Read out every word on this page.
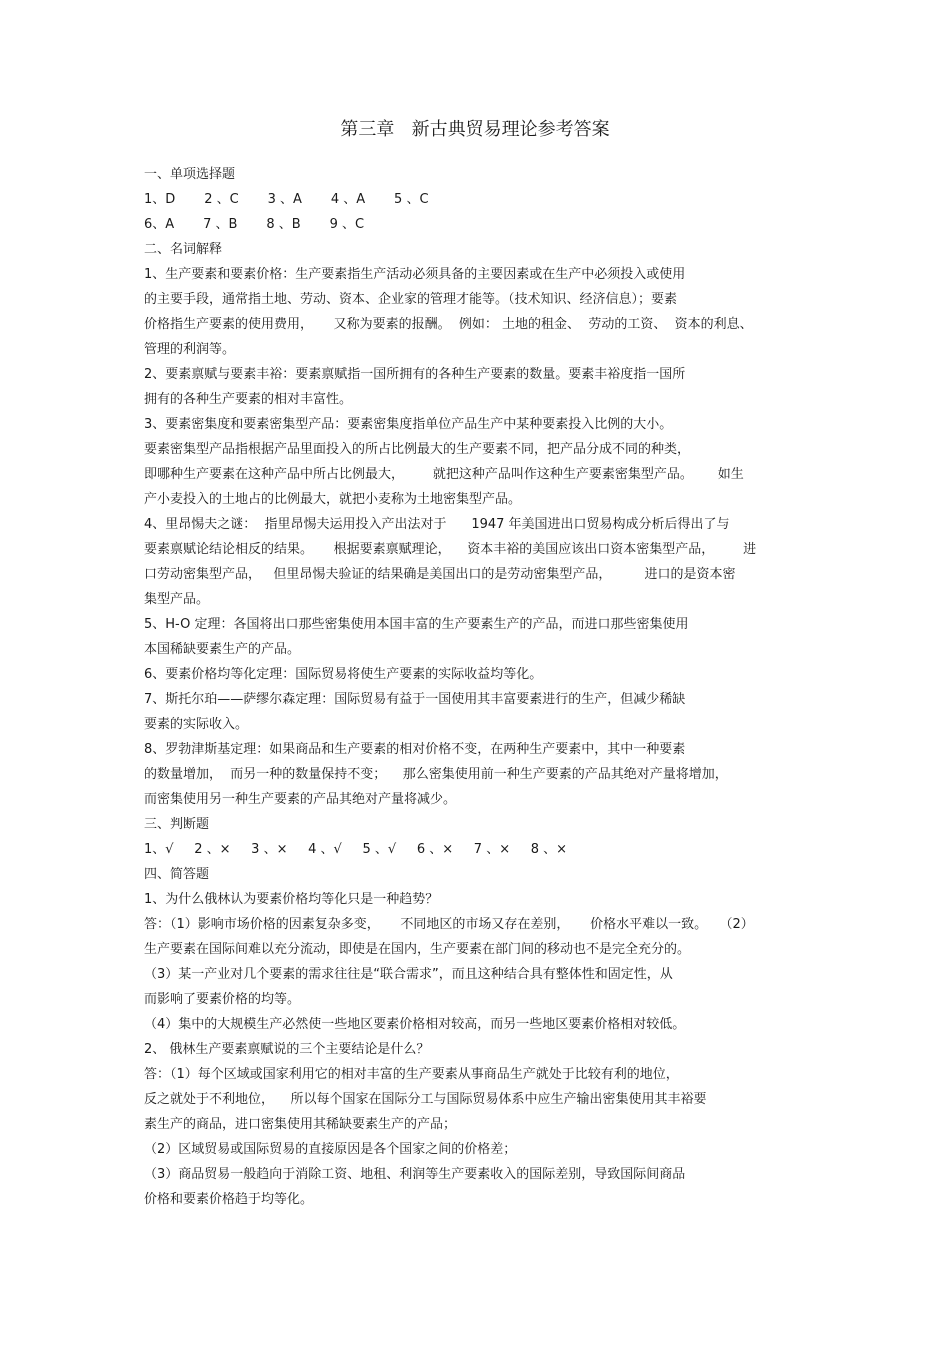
第三章   新古典贸易理论参考答案
一、单项选择题
1、D       2 、C       3 、A       4 、A       5 、C
6、A       7 、B       8 、B       9 、C
二、名词解释
1、生产要素和要素价格：生产要素指生产活动必须具备的主要因素或在生产中必须投入或使用
的主要手段，通常指土地、劳动、资本、企业家的管理才能等。（技术知识、经济信息）；要素
价格指生产要素的使用费用，     又称为要素的报酬。  例如： 土地的租金、  劳动的工资、  资本的利息、
管理的利润等。
2、要素禀赋与要素丰裕：要素禀赋指一国所拥有的各种生产要素的数量。要素丰裕度指一国所
拥有的各种生产要素的相对丰富性。
3、要素密集度和要素密集型产品：要素密集度指单位产品生产中某种要素投入比例的大小。
要素密集型产品指根据产品里面投入的所占比例最大的生产要素不同，把产品分成不同的种类，
即哪种生产要素在这种产品中所占比例最大，       就把这种产品叫作这种生产要素密集型产品。      如生
产小麦投入的土地占的比例最大，就把小麦称为土地密集型产品。
4、里昂惕夫之谜：  指里昂惕夫运用投入产出法对于      1947 年美国进出口贸易构成分析后得出了与
要素禀赋论结论相反的结果。     根据要素禀赋理论，    资本丰裕的美国应该出口资本密集型产品，       进
口劳动密集型产品，   但里昂惕夫验证的结果确是美国出口的是劳动密集型产品，        进口的是资本密
集型产品。
5、H-O 定理：各国将出口那些密集使用本国丰富的生产要素生产的产品，而进口那些密集使用
本国稀缺要素生产的产品。
6、要素价格均等化定理：国际贸易将使生产要素的实际收益均等化。
7、斯托尔珀——萨缪尔森定理：国际贸易有益于一国使用其丰富要素进行的生产，但减少稀缺
要素的实际收入。
8、罗勃津斯基定理：如果商品和生产要素的相对价格不变，在两种生产要素中，其中一种要素
的数量增加，  而另一种的数量保持不变；    那么密集使用前一种生产要素的产品其绝对产量将增加，
而密集使用另一种生产要素的产品其绝对产量将减少。
三、判断题
1、√     2 、×     3 、×     4 、√     5 、√     6 、×     7 、×     8 、×
四、简答题
1、为什么俄林认为要素价格均等化只是一种趋势？
答：（1）影响市场价格的因素复杂多变，     不同地区的市场又存在差别，     价格水平难以一致。   （2）
生产要素在国际间难以充分流动，即使是在国内，生产要素在部门间的移动也不是完全充分的。
（3）某一产业对几个要素的需求往往是“联合需求”，而且这种结合具有整体性和固定性，从
而影响了要素价格的均等。
（4）集中的大规模生产必然使一些地区要素价格相对较高，而另一些地区要素价格相对较低。
2、 俄林生产要素禀赋说的三个主要结论是什么？
答：（1）每个区域或国家利用它的相对丰富的生产要素从事商品生产就处于比较有利的地位，
反之就处于不利地位，    所以每个国家在国际分工与国际贸易体系中应生产输出密集使用其丰裕要
素生产的商品，进口密集使用其稀缺要素生产的产品；
（2）区域贸易或国际贸易的直接原因是各个国家之间的价格差；
（3）商品贸易一般趋向于消除工资、地租、利润等生产要素收入的国际差别，导致国际间商品
价格和要素价格趋于均等化。
